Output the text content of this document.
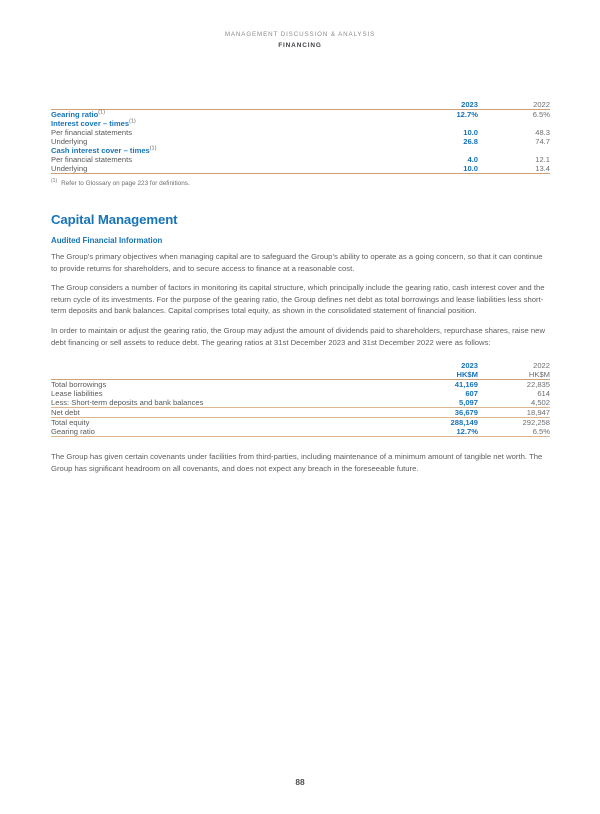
MANAGEMENT DISCUSSION & ANALYSIS
FINANCING
	2023	2022
Gearing ratio$^{(1)}$	12.7%	6.5%
Interest cover – times$^{(1)}$		
Per financial statements	10.0	48.3
Underlying	26.8	74.7
Cash interest cover – times$^{(1)}$		
Per financial statements	4.0	12.1
Underlying	10.0	13.4
$^{(1)}$ Refer to Glossary on page 223 for definitions.
Capital Management
Audited Financial Information

The Group’s primary objectives when managing capital are to safeguard the Group’s ability to operate as a going concern, so that it can continue to provide returns for shareholders, and to secure access to finance at a reasonable cost.

The Group considers a number of factors in monitoring its capital structure, which principally include the gearing ratio, cash interest cover and the return cycle of its investments. For the purpose of the gearing ratio, the Group defines net debt as total borrowings and lease liabilities less short-term deposits and bank balances. Capital comprises total equity, as shown in the consolidated statement of financial position.

In order to maintain or adjust the gearing ratio, the Group may adjust the amount of dividends paid to shareholders, repurchase shares, raise new debt financing or sell assets to reduce debt. The gearing ratios at 31st December 2023 and 31st December 2022 were as follows:

	2023	2022
	HK$M	HK$M
Total borrowings	41,169	22,835
Lease liabilities	607	614
Less: Short-term deposits and bank balances	5,097	4,502
Net debt	36,679	18,947
Total equity	288,149	292,258
Gearing ratio	12.7%	6.5%

The Group has given certain covenants under facilities from third-parties, including maintenance of a minimum amount of tangible net worth. The Group has significant headroom on all covenants, and does not expect any breach in the foreseeable future.

88
